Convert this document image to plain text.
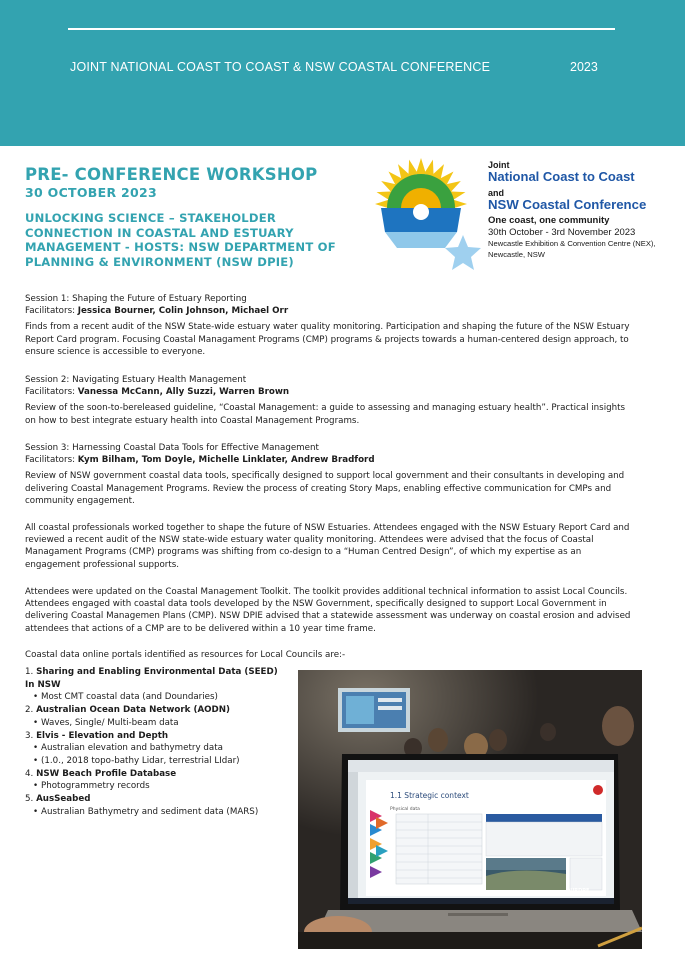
JOINT NATIONAL COAST TO COAST & NSW COASTAL CONFERENCE	2023
PRE- CONFERENCE WORKSHOP
30 OCTOBER 2023
UNLOCKING SCIENCE – STAKEHOLDER
CONNECTION IN COASTAL AND ESTUARY
MANAGEMENT - HOSTS: NSW DEPARTMENT OF
PLANNING & ENVIRONMENT (NSW DPIE)
Joint
National Coast to Coast
and
NSW Coastal Conference
One coast, one community
30th October - 3rd November 2023
Newcastle Exhibition & Convention Centre (NEX),
Newcastle, NSW
Session 1: Shaping the Future of Estuary Reporting
Facilitators: Jessica Bourner, Colin Johnson, Michael Orr
Finds from a recent audit of the NSW State-wide estuary water quality monitoring. Participation and shaping the future of the NSW Estuary Report Card program. Focusing Coastal Managament Programs (CMP) programs & projects towards a human-centered design approach, to ensure science is accessible to everyone.
Session 2: Navigating Estuary Health Management
Facilitators: Vanessa McCann, Ally Suzzi, Warren Brown
Review of the soon-to-bereleased guideline, “Coastal Management: a guide to assessing and managing estuary health”. Practical insights on how to best integrate estuary health into Coastal Management Programs.
Session 3: Harnessing Coastal Data Tools for Effective Management
Facilitators: Kym Bilham, Tom Doyle, Michelle Linklater, Andrew Bradford
Review of NSW government coastal data tools, specifically designed to support local government and their consultants in developing and delivering Coastal Management Programs. Review the process of creating Story Maps, enabling effective communication for CMPs and community engagement.
All coastal professionals worked together to shape the future of NSW Estuaries. Attendees engaged with the NSW Estuary Report Card and reviewed a recent audit of the NSW state-wide estuary water quality monitoring. Attendees were advised that the focus of Coastal Managament Programs (CMP) programs was shifting from co-design to a “Human Centred Design”, of which my expertise as an engagement professional supports.
Attendees were updated on the Coastal Management Toolkit. The toolkit provides additional technical information to assist Local Councils. Attendees engaged with coastal data tools developed by the NSW Government, specifically designed to support Local Government in delivering Coastal Managemen Plans (CMP). NSW DPIE advised that a statewide assessment was underway on coastal erosion and advised attendees that actions of a CMP are to be delivered within a 10 year time frame.
Coastal data online portals identified as resources for Local Councils are:-
1. Sharing and Enabling Environmental Data (SEED) In NSW
• Most CMT coastal data (and Doundaries)
2. Australian Ocean Data Network (AODN)
• Waves, Single/ Multi-beam data
3. Elvis - Elevation and Depth
• Australian elevation and bathymetry data
• (1.0., 2018 topo-bathy Lidar, terrestrial LIdar)
4. NSW Beach Profile Database
• Photogrammetry records
5. AusSeabed
• Australian Bathymetry and sediment data (MARS)
1.1 Strategic context
Physical data
OURDPE
